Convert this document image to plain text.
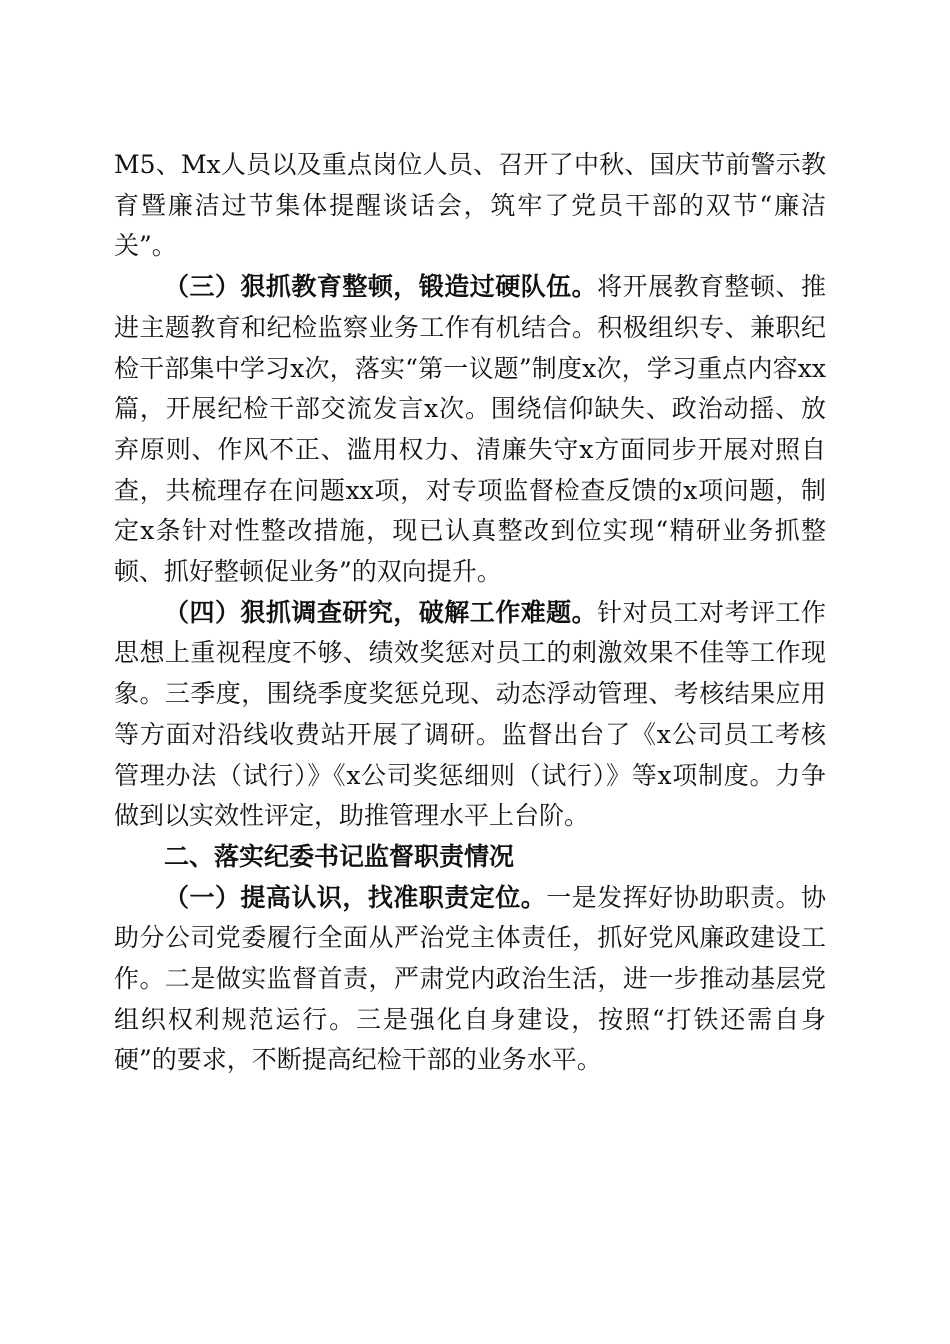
M5、Mx人员以及重点岗位人员、召开了中秋、国庆节前警示教育暨廉洁过节集体提醒谈话会，筑牢了党员干部的双节“廉洁关”。

（三）狠抓教育整顿，锻造过硬队伍。将开展教育整顿、推进主题教育和纪检监察业务工作有机结合。积极组织专、兼职纪检干部集中学习x次，落实“第一议题”制度x次，学习重点内容xx篇，开展纪检干部交流发言x次。围绕信仰缺失、政治动摇、放弃原则、作风不正、滥用权力、清廉失守x方面同步开展对照自查，共梳理存在问题xx项，对专项监督检查反馈的x项问题，制定x条针对性整改措施，现已认真整改到位实现“精研业务抓整顿、抓好整顿促业务”的双向提升。

（四）狠抓调查研究，破解工作难题。针对员工对考评工作思想上重视程度不够、绩效奖惩对员工的刺激效果不佳等工作现象。三季度，围绕季度奖惩兑现、动态浮动管理、考核结果应用等方面对沿线收费站开展了调研。监督出台了《x公司员工考核管理办法（试行）》《x公司奖惩细则（试行）》等x项制度。力争做到以实效性评定，助推管理水平上台阶。

二、落实纪委书记监督职责情况

（一）提高认识，找准职责定位。一是发挥好协助职责。协助分公司党委履行全面从严治党主体责任，抓好党风廉政建设工作。二是做实监督首责，严肃党内政治生活，进一步推动基层党组织权利规范运行。三是强化自身建设，按照“打铁还需自身硬”的要求，不断提高纪检干部的业务水平。
